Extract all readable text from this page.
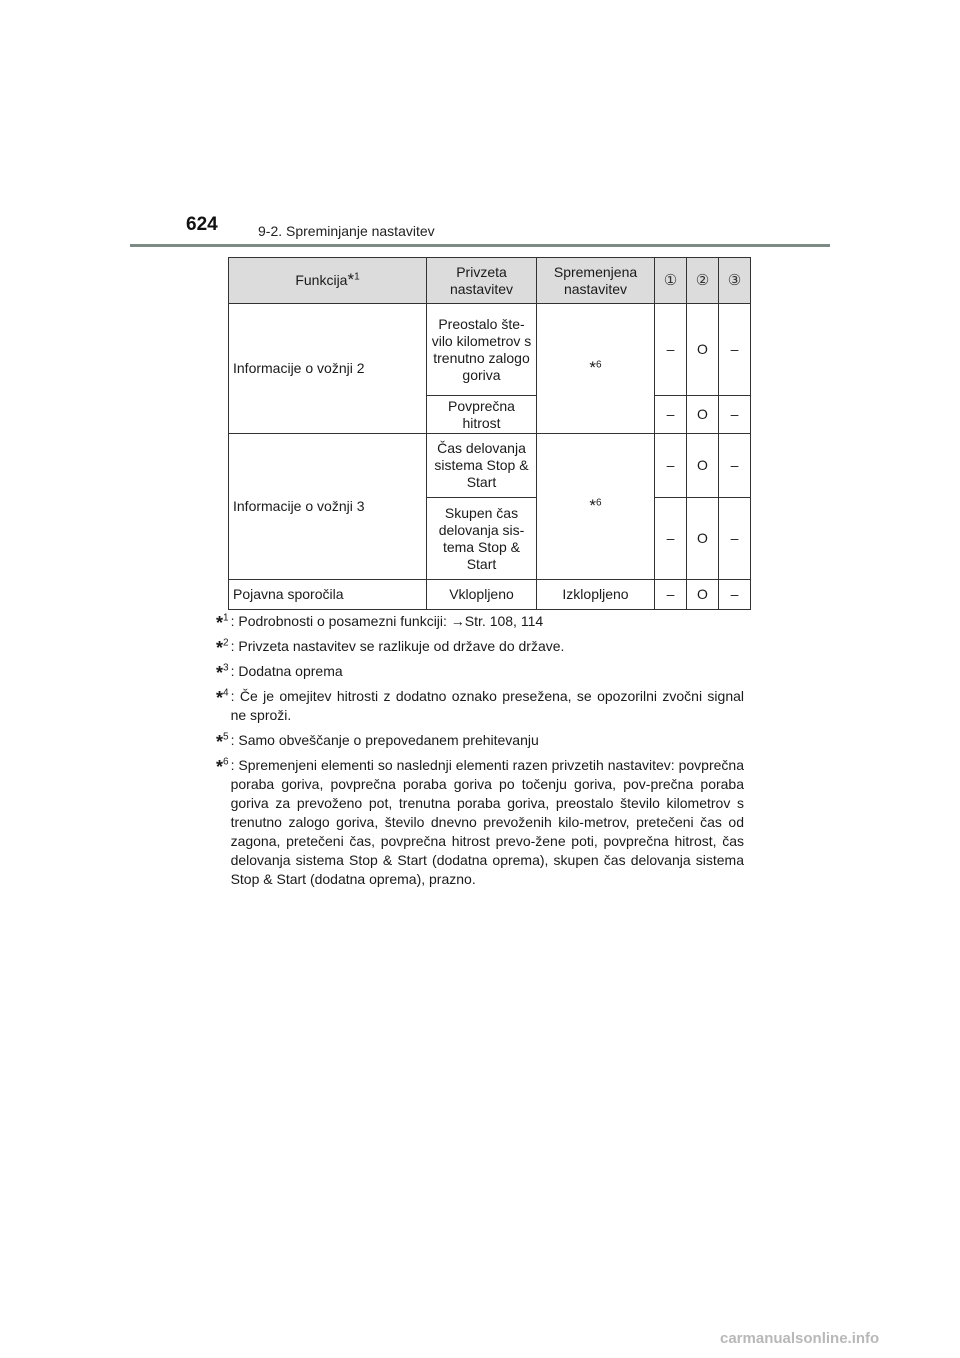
624	9-2. Spreminjanje nastavitev
Funkcija*$^1$	Privzeta nastavitev	Spremenjena nastavitev	①	②	③
Informacije o vožnji 2	Preostalo šte-vilo kilometrov s trenutno zalogo goriva	*$^6$	–	O	–
	Povprečna hitrost		–	O	–
Informacije o vožnji 3	Čas delovanja sistema Stop & Start	*$^6$	–	O	–
	Skupen čas delovanja sis-tema Stop & Start		–	O	–
Pojavna sporočila	Vklopljeno	Izklopljeno	–	O	–
*$^1$ : Podrobnosti o posamezni funkciji: →Str. 108, 114
*$^2$ : Privzeta nastavitev se razlikuje od države do države.
*$^3$ : Dodatna oprema
*$^4$ : Če je omejitev hitrosti z dodatno oznako presežena, se opozorilni zvočni signal ne sproži.
*$^5$ : Samo obveščanje o prepovedanem prehitevanju
*$^6$ : Spremenjeni elementi so naslednji elementi razen privzetih nastavitev: povprečna poraba goriva, povprečna poraba goriva po točenju goriva, pov-prečna poraba goriva za prevoženo pot, trenutna poraba goriva, preostalo število kilometrov s trenutno zalogo goriva, število dnevno prevoženih kilo-metrov, pretečeni čas od zagona, pretečeni čas, povprečna hitrost prevo-žene poti, povprečna hitrost, čas delovanja sistema Stop & Start (dodatna oprema), skupen čas delovanja sistema Stop & Start (dodatna oprema), prazno.
carmanualsonline.info
